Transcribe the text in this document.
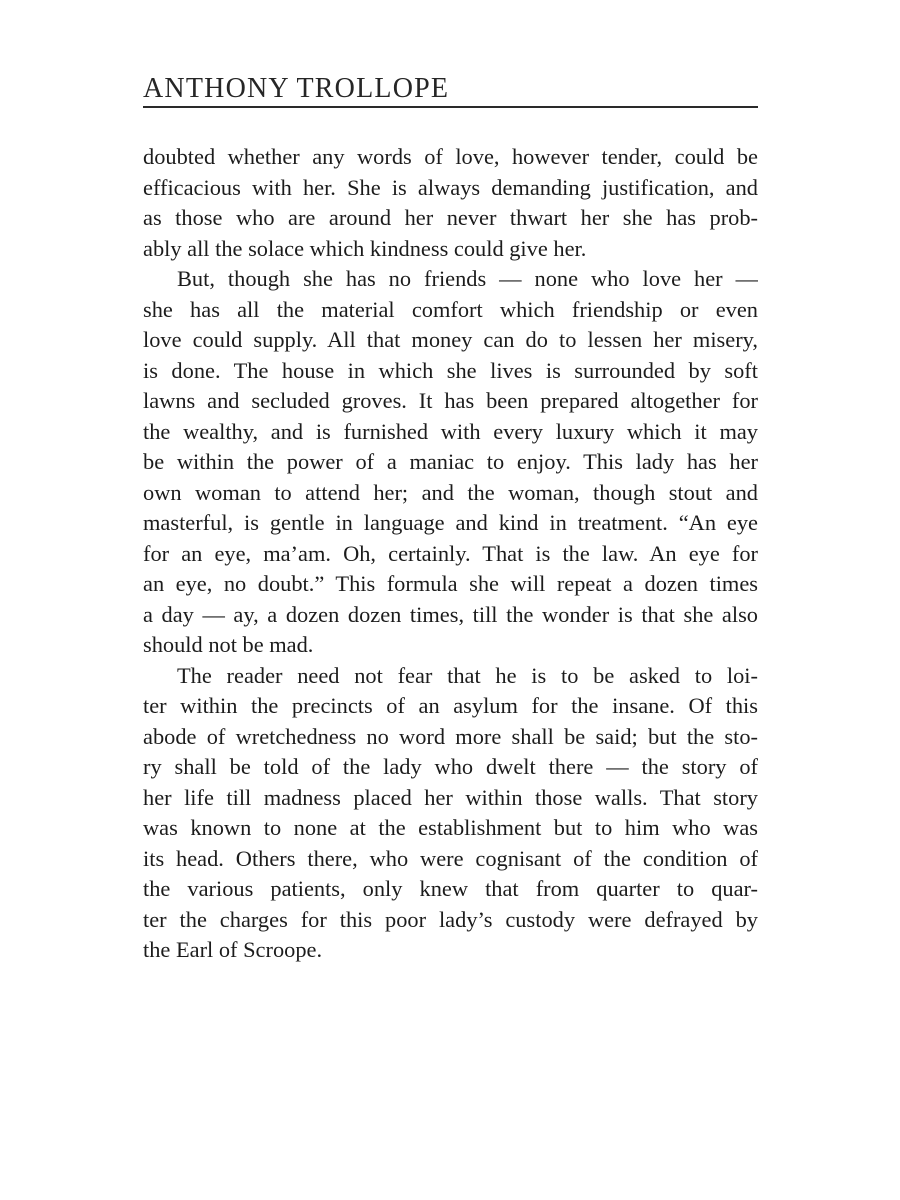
ANTHONY TROLLOPE
doubted whether any words of love, however tender, could be
efficacious with her. She is always demanding justification, and
as those who are around her never thwart her she has prob-
ably all the solace which kindness could give her.
But, though she has no friends — none who love her —
she has all the material comfort which friendship or even
love could supply. All that money can do to lessen her misery,
is done. The house in which she lives is surrounded by soft
lawns and secluded groves. It has been prepared altogether for
the wealthy, and is furnished with every luxury which it may
be within the power of a maniac to enjoy. This lady has her
own woman to attend her; and the woman, though stout and
masterful, is gentle in language and kind in treatment. “An eye
for an eye, ma’am. Oh, certainly. That is the law. An eye for
an eye, no doubt.” This formula she will repeat a dozen times
a day — ay, a dozen dozen times, till the wonder is that she also
should not be mad.
The reader need not fear that he is to be asked to loi-
ter within the precincts of an asylum for the insane. Of this
abode of wretchedness no word more shall be said; but the sto-
ry shall be told of the lady who dwelt there — the story of
her life till madness placed her within those walls. That story
was known to none at the establishment but to him who was
its head. Others there, who were cognisant of the condition of
the various patients, only knew that from quarter to quar-
ter the charges for this poor lady’s custody were defrayed by
the Earl of Scroope.
